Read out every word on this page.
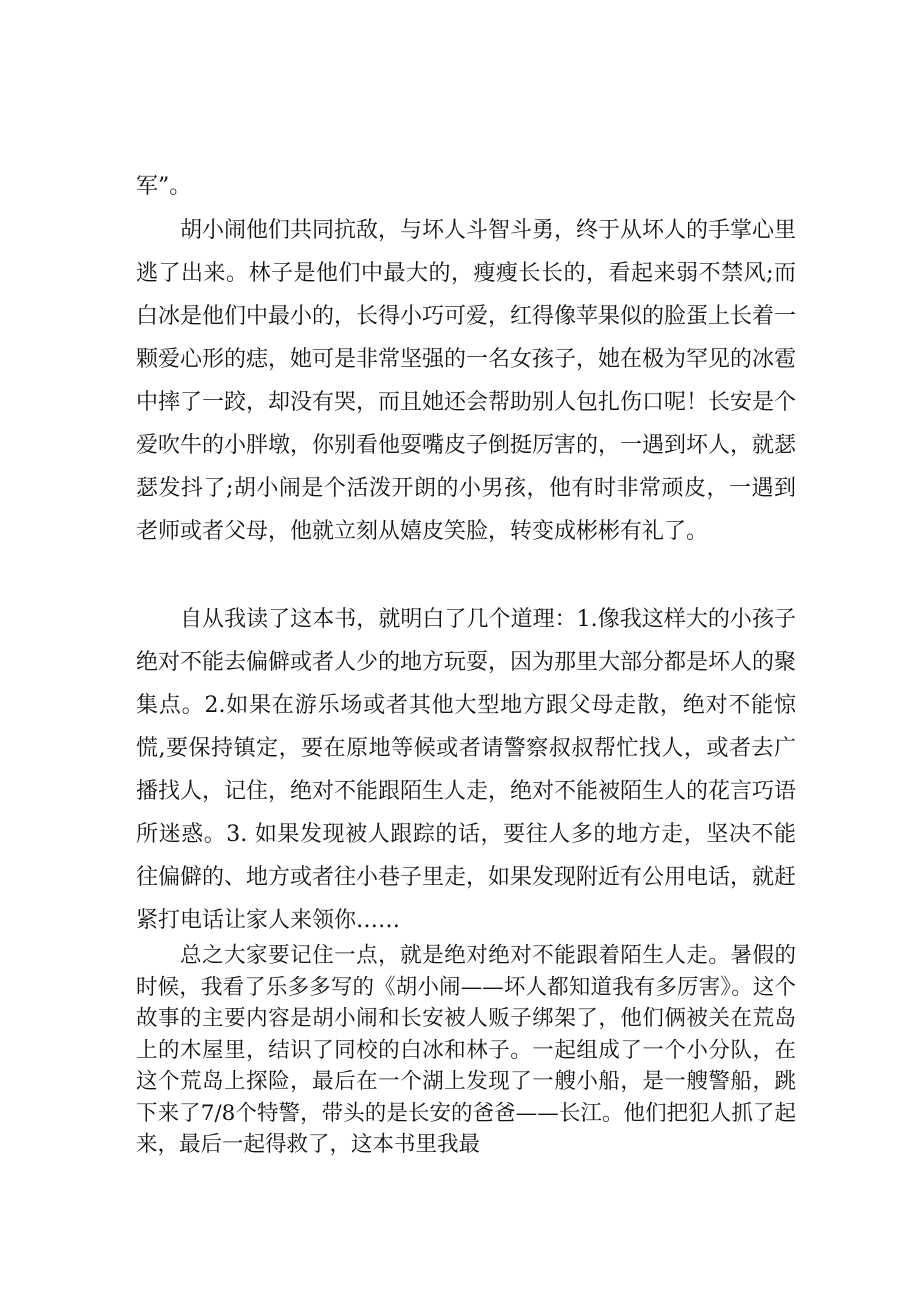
军”。

胡小闹他们共同抗敌，与坏人斗智斗勇，终于从坏人的手掌心里逃了出来。林子是他们中最大的，瘦瘦长长的，看起来弱不禁风;而白冰是他们中最小的，长得小巧可爱，红得像苹果似的脸蛋上长着一颗爱心形的痣，她可是非常坚强的一名女孩子，她在极为罕见的冰雹中摔了一跤，却没有哭，而且她还会帮助别人包扎伤口呢！长安是个爱吹牛的小胖墩，你别看他耍嘴皮子倒挺厉害的，一遇到坏人，就瑟瑟发抖了;胡小闹是个活泼开朗的小男孩，他有时非常顽皮，一遇到老师或者父母，他就立刻从嬉皮笑脸，转变成彬彬有礼了。

自从我读了这本书，就明白了几个道理：1.像我这样大的小孩子绝对不能去偏僻或者人少的地方玩耍，因为那里大部分都是坏人的聚集点。2.如果在游乐场或者其他大型地方跟父母走散，绝对不能惊慌,要保持镇定，要在原地等候或者请警察叔叔帮忙找人，或者去广播找人，记住，绝对不能跟陌生人走，绝对不能被陌生人的花言巧语所迷惑。3. 如果发现被人跟踪的话，要往人多的地方走，坚决不能往偏僻的、地方或者往小巷子里走，如果发现附近有公用电话，就赶紧打电话让家人来领你……

总之大家要记住一点，就是绝对绝对不能跟着陌生人走。暑假的时候，我看了乐多多写的《胡小闹——坏人都知道我有多厉害》。这个故事的主要内容是胡小闹和长安被人贩子绑架了，他们俩被关在荒岛上的木屋里，结识了同校的白冰和林子。一起组成了一个小分队，在这个荒岛上探险，最后在一个湖上发现了一艘小船，是一艘警船，跳下来了7/8个特警，带头的是长安的爸爸——长江。他们把犯人抓了起来，最后一起得救了，这本书里我最
